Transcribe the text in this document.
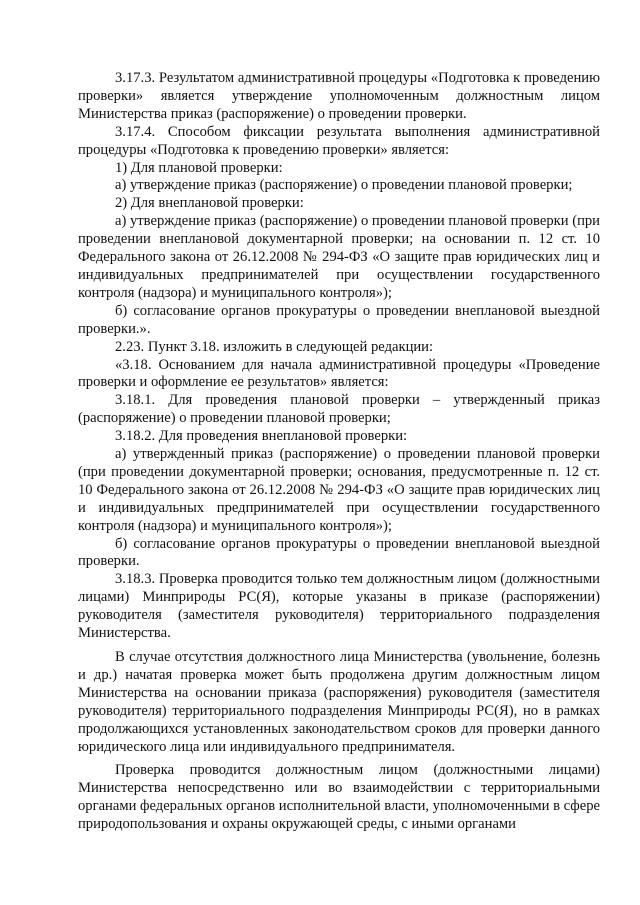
3.17.3. Результатом административной процедуры «Подготовка к проведению проверки» является утверждение уполномоченным должностным лицом Министерства приказ (распоряжение) о проведении проверки.

3.17.4. Способом фиксации результата выполнения административной процедуры «Подготовка к проведению проверки» является:

1) Для плановой проверки:

а) утверждение приказ (распоряжение) о проведении плановой проверки;

2) Для внеплановой проверки:

а) утверждение приказ (распоряжение) о проведении плановой проверки (при проведении внеплановой документарной проверки; на основании п. 12 ст. 10 Федерального закона от 26.12.2008 № 294-ФЗ «О защите прав юридических лиц и индивидуальных предпринимателей при осуществлении государственного контроля (надзора) и муниципального контроля»);

б) согласование органов прокуратуры о проведении внеплановой выездной проверки.».

2.23. Пункт 3.18. изложить в следующей редакции:

«3.18. Основанием для начала административной процедуры «Проведение проверки и оформление ее результатов» является:

3.18.1. Для проведения плановой проверки – утвержденный приказ (распоряжение) о проведении плановой проверки;

3.18.2. Для проведения внеплановой проверки:

а) утвержденный приказ (распоряжение) о проведении плановой проверки (при проведении документарной проверки; основания, предусмотренные п. 12 ст. 10 Федерального закона от 26.12.2008 № 294-ФЗ «О защите прав юридических лиц и индивидуальных предпринимателей при осуществлении государственного контроля (надзора) и муниципального контроля»);

б) согласование органов прокуратуры о проведении внеплановой выездной проверки.

3.18.3. Проверка проводится только тем должностным лицом (должностными лицами) Минприроды РС(Я), которые указаны в приказе (распоряжении) руководителя (заместителя руководителя) территориального подразделения Министерства.

В случае отсутствия должностного лица Министерства (увольнение, болезнь и др.) начатая проверка может быть продолжена другим должностным лицом Министерства на основании приказа (распоряжения) руководителя (заместителя руководителя) территориального подразделения Минприроды РС(Я), но в рамках продолжающихся установленных законодательством сроков для проверки данного юридического лица или индивидуального предпринимателя.

Проверка проводится должностным лицом (должностными лицами) Министерства непосредственно или во взаимодействии с территориальными органами федеральных органов исполнительной власти, уполномоченными в сфере природопользования и охраны окружающей среды, с иными органами
